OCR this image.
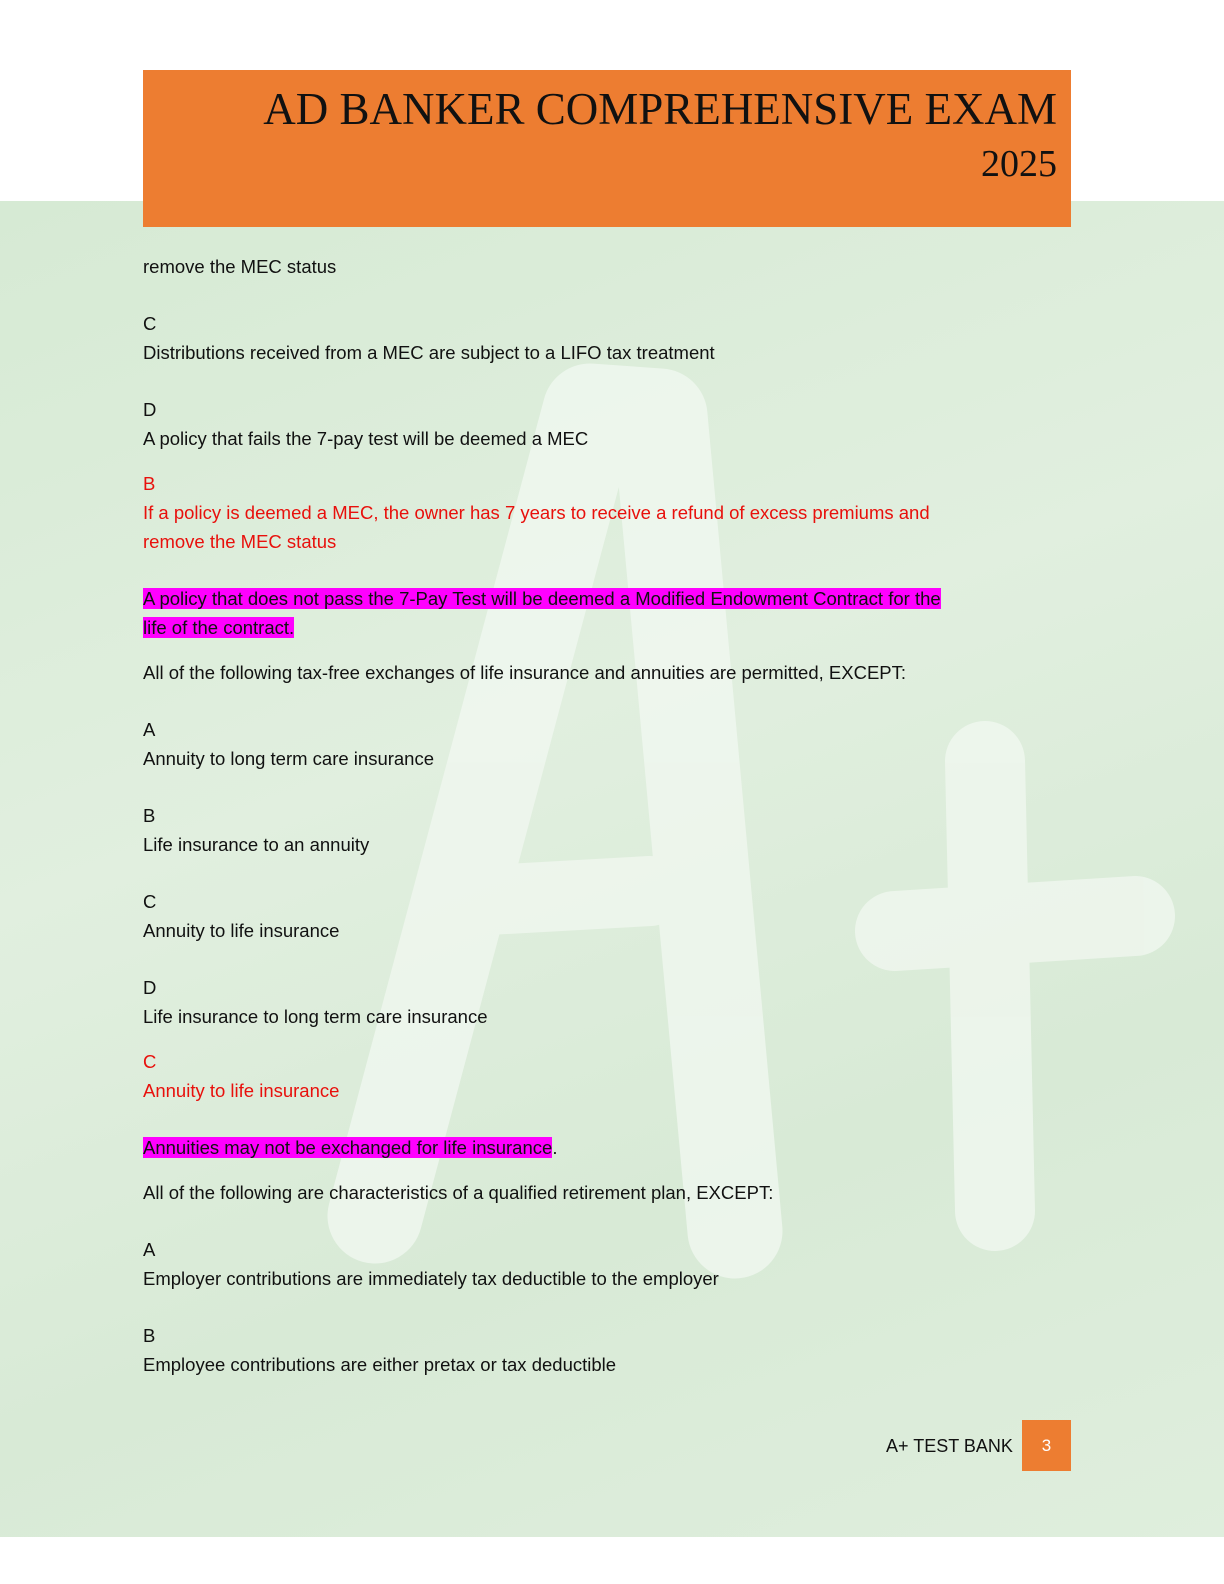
AD BANKER COMPREHENSIVE EXAM
2025
remove the MEC status
C
Distributions received from a MEC are subject to a LIFO tax treatment
D
A policy that fails the 7-pay test will be deemed a MEC
B
If a policy is deemed a MEC, the owner has 7 years to receive a refund of excess premiums and
remove the MEC status
A policy that does not pass the 7-Pay Test will be deemed a Modified Endowment Contract for the
life of the contract.
All of the following tax-free exchanges of life insurance and annuities are permitted, EXCEPT:
A
Annuity to long term care insurance
B
Life insurance to an annuity
C
Annuity to life insurance
D
Life insurance to long term care insurance
C
Annuity to life insurance
Annuities may not be exchanged for life insurance.
All of the following are characteristics of a qualified retirement plan, EXCEPT:
A
Employer contributions are immediately tax deductible to the employer
B
Employee contributions are either pretax or tax deductible
A+ TEST BANK	3
